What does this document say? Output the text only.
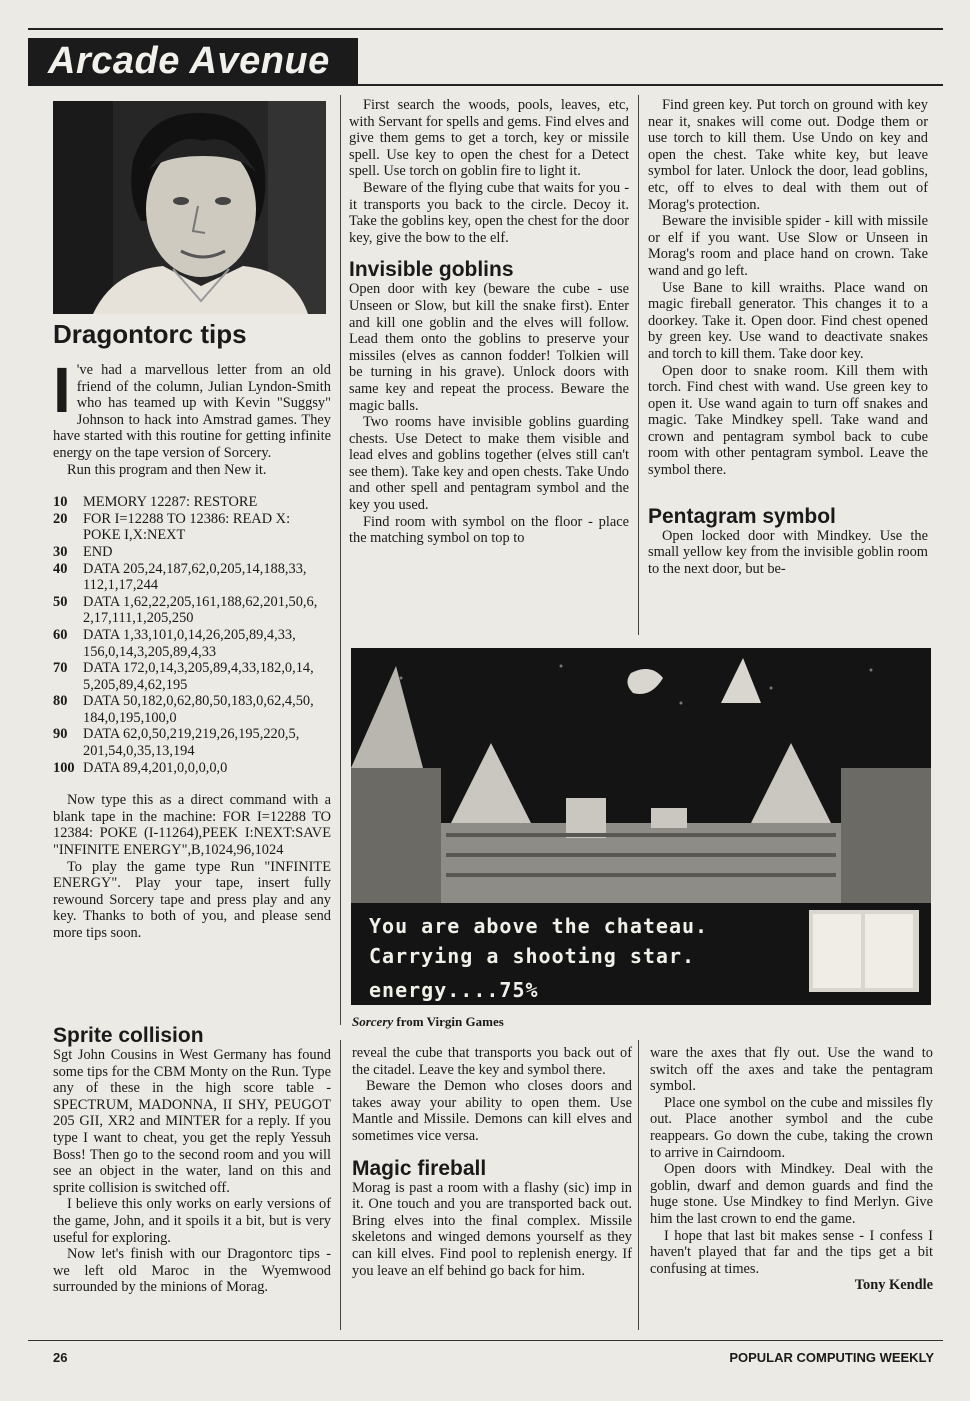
Arcade Avenue
Dragontorc tips

I 've had a marvellous letter from an old friend of the column, Julian Lyndon-Smith who has teamed up with Kevin "Suggsy" Johnson to hack into Amstrad games. They have started with this routine for getting infinite energy on the tape version of Sorcery.

Run this program and then New it.

10	MEMORY 12287: RESTORE
20	FOR I=12288 TO 12386: READ X: POKE I,X:NEXT
30	END
40	DATA 205,24,187,62,0,205,14,188,33, 112,1,17,244
50	DATA 1,62,22,205,161,188,62,201,50,6, 2,17,111,1,205,250
60	DATA 1,33,101,0,14,26,205,89,4,33, 156,0,14,3,205,89,4,33
70	DATA 172,0,14,3,205,89,4,33,182,0,14, 5,205,89,4,62,195
80	DATA 50,182,0,62,80,50,183,0,62,4,50, 184,0,195,100,0
90	DATA 62,0,50,219,219,26,195,220,5, 201,54,0,35,13,194
100 DATA 89,4,201,0,0,0,0,0

Now type this as a direct command with a blank tape in the machine: FOR I=12288 TO 12384: POKE (I-11264),PEEK I:NEXT:SAVE "INFINITE ENERGY",B,1024,96,1024

To play the game type Run "INFINITE ENERGY". Play your tape, insert fully rewound Sorcery tape and press play and any key. Thanks to both of you, and please send more tips soon.

First search the woods, pools, leaves, etc, with Servant for spells and gems. Find elves and give them gems to get a torch, key or missile spell. Use key to open the chest for a Detect spell. Use torch on goblin fire to light it.

Beware of the flying cube that waits for you - it transports you back to the circle. Decoy it. Take the goblins key, open the chest for the door key, give the bow to the elf.

Invisible goblins

Open door with key (beware the cube - use Unseen or Slow, but kill the snake first). Enter and kill one goblin and the elves will follow. Lead them onto the goblins to preserve your missiles (elves as cannon fodder! Tolkien will be turning in his grave). Unlock doors with same key and repeat the process. Beware the magic balls.

Two rooms have invisible goblins guarding chests. Use Detect to make them visible and lead elves and goblins together (elves still can't see them). Take key and open chests. Take Undo and other spell and pentagram symbol and the key you used.

Find room with symbol on the floor - place the matching symbol on top to

Find green key. Put torch on ground with key near it, snakes will come out. Dodge them or use torch to kill them. Use Undo on key and open the chest. Take white key, but leave symbol for later. Unlock the door, lead goblins, etc, off to elves to deal with them out of Morag's protection.

Beware the invisible spider - kill with missile or elf if you want. Use Slow or Unseen in Morag's room and place hand on crown. Take wand and go left.

Use Bane to kill wraiths. Place wand on magic fireball generator. This changes it to a doorkey. Take it. Open door. Find chest opened by green key. Use wand to deactivate snakes and torch to kill them. Take door key.

Open door to snake room. Kill them with torch. Find chest with wand. Use green key to open it. Use wand again to turn off snakes and magic. Take Mindkey spell. Take wand and crown and pentagram symbol back to cube room with other pentagram symbol. Leave the symbol there.

Pentagram symbol

Open locked door with Mindkey. Use the small yellow key from the invisible goblin room to the next door, but be-

You are above the chateau.
Carrying a shooting star.
energy....75%
Sorcery from Virgin Games
Sprite collision

Sgt John Cousins in West Germany has found some tips for the CBM Monty on the Run. Type any of these in the high score table - SPECTRUM, MADONNA, II SHY, PEUGOT 205 GII, XR2 and MINTER for a reply. If you type I want to cheat, you get the reply Yessuh Boss! Then go to the second room and you will see an object in the water, land on this and sprite collision is switched off.

I believe this only works on early versions of the game, John, and it spoils it a bit, but is very useful for exploring.

Now let's finish with our Dragontorc tips - we left old Maroc in the Wyemwood surrounded by the minions of Morag.

reveal the cube that transports you back out of the citadel. Leave the key and symbol there.

Beware the Demon who closes doors and takes away your ability to open them. Use Mantle and Missile. Demons can kill elves and sometimes vice versa.

Magic fireball

Morag is past a room with a flashy (sic) imp in it. One touch and you are transported back out. Bring elves into the final complex. Missile skeletons and winged demons yourself as they can kill elves. Find pool to replenish energy. If you leave an elf behind go back for him.

ware the axes that fly out. Use the wand to switch off the axes and take the pentagram symbol.

Place one symbol on the cube and missiles fly out. Place another symbol and the cube reappears. Go down the cube, taking the crown to arrive in Cairndoom.

Open doors with Mindkey. Deal with the goblin, dwarf and demon guards and find the huge stone. Use Mindkey to find Merlyn. Give him the last crown to end the game.

I hope that last bit makes sense - I confess I haven't played that far and the tips get a bit confusing at times.

Tony Kendle

26	POPULAR COMPUTING WEEKLY
